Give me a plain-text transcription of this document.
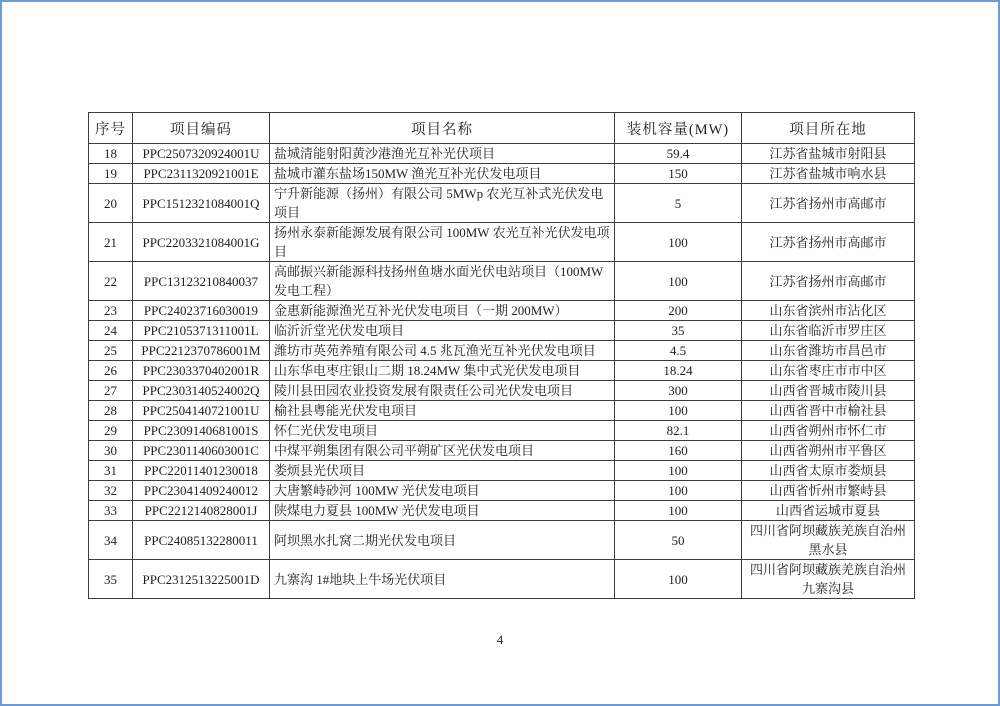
序号	项目编码	项目名称	装机容量(MW)	项目所在地
18	PPC2507320924001U	盐城清能射阳黄沙港渔光互补光伏项目	59.4	江苏省盐城市射阳县
19	PPC2311320921001E	盐城市灌东盐场150MW 渔光互补光伏发电项目	150	江苏省盐城市响水县
20	PPC1512321084001Q	宁升新能源（扬州）有限公司 5MWp 农光互补式光伏发电项目	5	江苏省扬州市高邮市
21	PPC2203321084001G	扬州永泰新能源发展有限公司 100MW 农光互补光伏发电项目	100	江苏省扬州市高邮市
22	PPC13123210840037	高邮振兴新能源科技扬州鱼塘水面光伏电站项目（100MW发电工程）	100	江苏省扬州市高邮市
23	PPC24023716030019	金惠新能源渔光互补光伏发电项目（一期 200MW）	200	山东省滨州市沾化区
24	PPC2105371311001L	临沂沂堂光伏发电项目	35	山东省临沂市罗庄区
25	PPC2212370786001M	潍坊市英苑养殖有限公司 4.5 兆瓦渔光互补光伏发电项目	4.5	山东省潍坊市昌邑市
26	PPC2303370402001R	山东华电枣庄银山二期 18.24MW 集中式光伏发电项目	18.24	山东省枣庄市市中区
27	PPC2303140524002Q	陵川县田园农业投资发展有限责任公司光伏发电项目	300	山西省晋城市陵川县
28	PPC2504140721001U	榆社县粤能光伏发电项目	100	山西省晋中市榆社县
29	PPC2309140681001S	怀仁光伏发电项目	82.1	山西省朔州市怀仁市
30	PPC2301140603001C	中煤平朔集团有限公司平朔矿区光伏发电项目	160	山西省朔州市平鲁区
31	PPC22011401230018	娄烦县光伏项目	100	山西省太原市娄烦县
32	PPC23041409240012	大唐繁峙砂河 100MW 光伏发电项目	100	山西省忻州市繁峙县
33	PPC2212140828001J	陕煤电力夏县 100MW 光伏发电项目	100	山西省运城市夏县
34	PPC24085132280011	阿坝黑水扎窝二期光伏发电项目	50	四川省阿坝藏族羌族自治州黑水县
35	PPC2312513225001D	九寨沟 1#地块上牛场光伏项目	100	四川省阿坝藏族羌族自治州九寨沟县
4
